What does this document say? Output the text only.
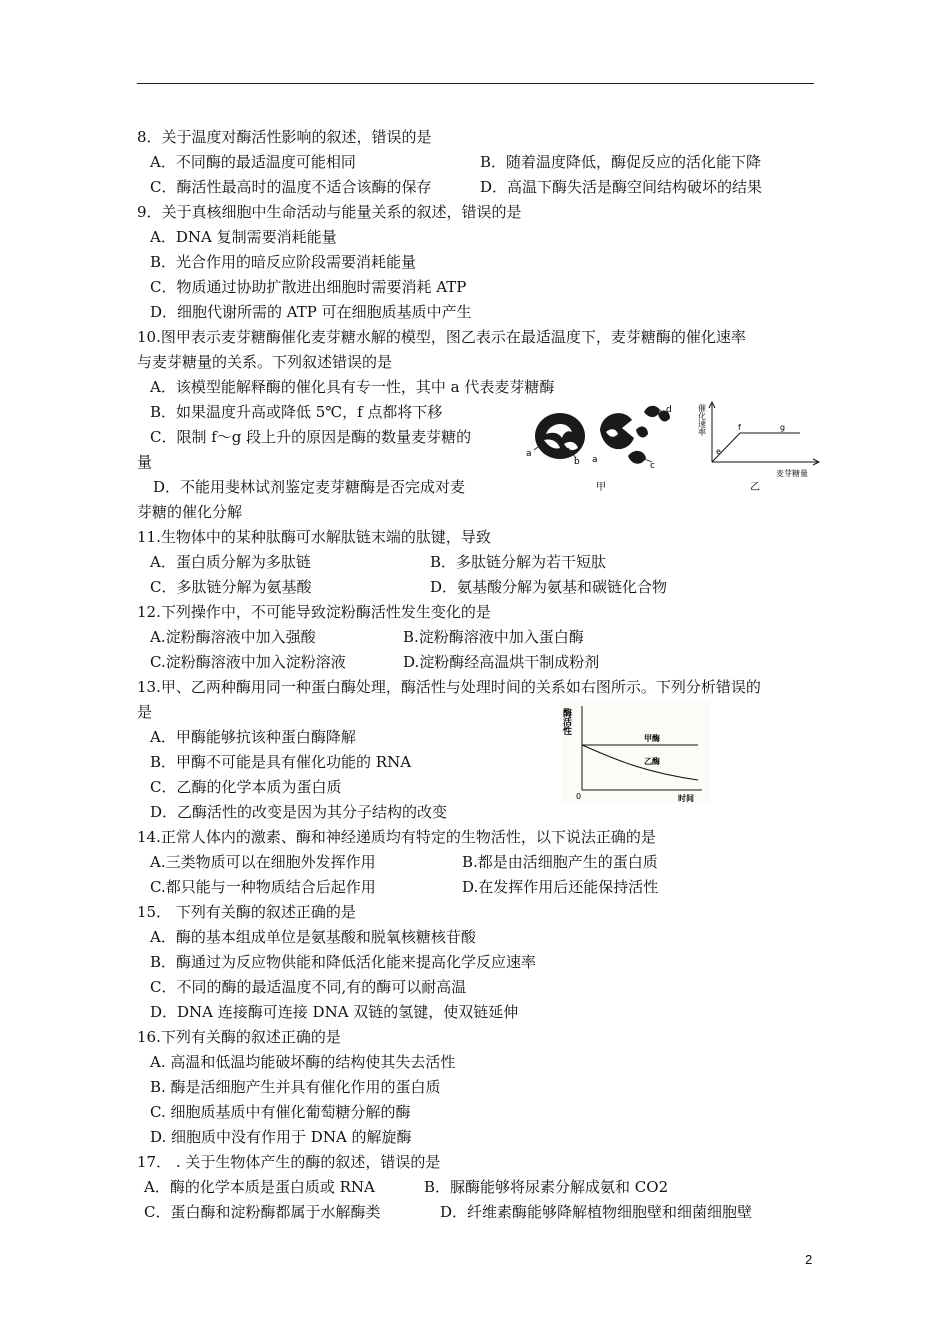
8．关于温度对酶活性影响的叙述，错误的是
A．不同酶的最适温度可能相同	B．随着温度降低，酶促反应的活化能下降
C．酶活性最高时的温度不适合该酶的保存	D．高温下酶失活是酶空间结构破坏的结果
9．关于真核细胞中生命活动与能量关系的叙述，错误的是
A．DNA 复制需要消耗能量
B．光合作用的暗反应阶段需要消耗能量
C．物质通过协助扩散进出细胞时需要消耗 ATP
D．细胞代谢所需的 ATP 可在细胞质基质中产生
10.图甲表示麦芽糖酶催化麦芽糖水解的模型，图乙表示在最适温度下，麦芽糖酶的催化速率
与麦芽糖量的关系。下列叙述错误的是
A．该模型能解释酶的催化具有专一性，其中 a 代表麦芽糖酶
B．如果温度升高或降低 5℃，f 点都将下移
C．限制 f～g 段上升的原因是酶的数量麦芽糖的
量
D．不能用斐林试剂鉴定麦芽糖酶是否完成对麦
芽糖的催化分解
a
b a
c
d
甲
催化速率
e
f	g
麦芽糖量
乙
11.生物体中的某种肽酶可水解肽链末端的肽键，导致
A．蛋白质分解为多肽链	B．多肽链分解为若干短肽
C．多肽链分解为氨基酸	D．氨基酸分解为氨基和碳链化合物
12.下列操作中，不可能导致淀粉酶活性发生变化的是
A.淀粉酶溶液中加入强酸	B.淀粉酶溶液中加入蛋白酶
C.淀粉酶溶液中加入淀粉溶液	D.淀粉酶经高温烘干制成粉剂
13.甲、乙两种酶用同一种蛋白酶处理，酶活性与处理时间的关系如右图所示。下列分析错误的
是
A．甲酶能够抗该种蛋白酶降解
B．甲酶不可能是具有催化功能的 RNA
C．乙酶的化学本质为蛋白质
D．乙酶活性的改变是因为其分子结构的改变
酶活性
0	时间
甲酶
乙酶
14.正常人体内的激素、酶和神经递质均有特定的生物活性，以下说法正确的是
A.三类物质可以在细胞外发挥作用	B.都是由活细胞产生的蛋白质
C.都只能与一种物质结合后起作用	D.在发挥作用后还能保持活性
15． 下列有关酶的叙述正确的是
A．酶的基本组成单位是氨基酸和脱氧核糖核苷酸
B．酶通过为反应物供能和降低活化能来提高化学反应速率
C．不同的酶的最适温度不同,有的酶可以耐高温
D．DNA 连接酶可连接 DNA 双链的氢键，使双链延伸
16.下列有关酶的叙述正确的是
A. 高温和低温均能破坏酶的结构使其失去活性
B. 酶是活细胞产生并具有催化作用的蛋白质
C. 细胞质基质中有催化葡萄糖分解的酶
D. 细胞质中没有作用于 DNA 的解旋酶
17． . 关于生物体产生的酶的叙述，错误的是
A．酶的化学本质是蛋白质或 RNA	B．脲酶能够将尿素分解成氨和 CO2
C．蛋白酶和淀粉酶都属于水解酶类	D．纤维素酶能够降解植物细胞壁和细菌细胞壁
2
